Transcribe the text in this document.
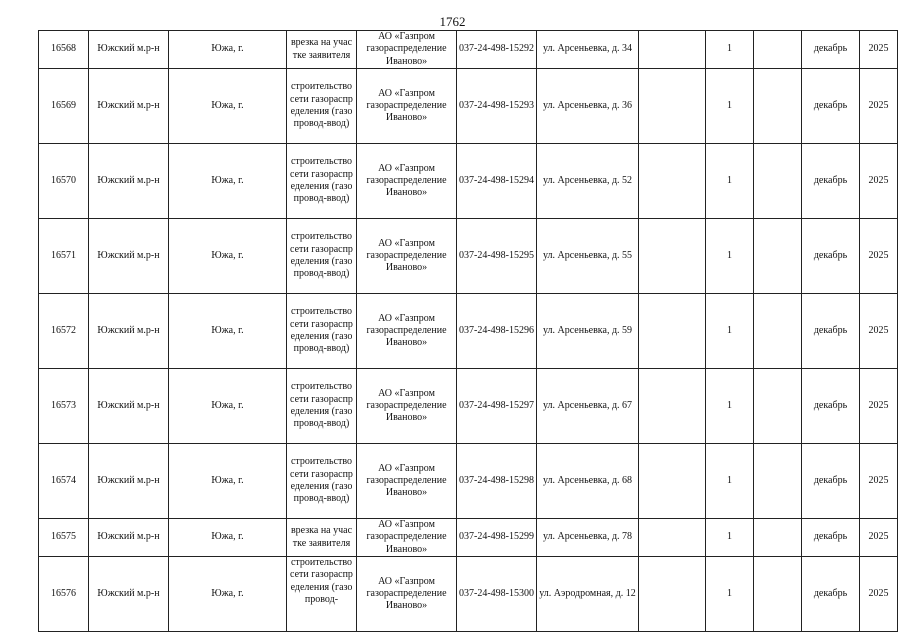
1762
16568	Южский м.р-н	Южа, г.	врезка на участке заявителя	АО «Газпром газораспределение Иваново»	037-24-498-15292	ул. Арсеньевка, д. 34		1		декабрь	2025
16569	Южский м.р-н	Южа, г.	строительство сети газораспределения (газопровод-ввод)	АО «Газпром газораспределение Иваново»	037-24-498-15293	ул. Арсеньевка, д. 36		1		декабрь	2025
16570	Южский м.р-н	Южа, г.	строительство сети газораспределения (газопровод-ввод)	АО «Газпром газораспределение Иваново»	037-24-498-15294	ул. Арсеньевка, д. 52		1		декабрь	2025
16571	Южский м.р-н	Южа, г.	строительство сети газораспределения (газопровод-ввод)	АО «Газпром газораспределение Иваново»	037-24-498-15295	ул. Арсеньевка, д. 55		1		декабрь	2025
16572	Южский м.р-н	Южа, г.	строительство сети газораспределения (газопровод-ввод)	АО «Газпром газораспределение Иваново»	037-24-498-15296	ул. Арсеньевка, д. 59		1		декабрь	2025
16573	Южский м.р-н	Южа, г.	строительство сети газораспределения (газопровод-ввод)	АО «Газпром газораспределение Иваново»	037-24-498-15297	ул. Арсеньевка, д. 67		1		декабрь	2025
16574	Южский м.р-н	Южа, г.	строительство сети газораспределения (газопровод-ввод)	АО «Газпром газораспределение Иваново»	037-24-498-15298	ул. Арсеньевка, д. 68		1		декабрь	2025
16575	Южский м.р-н	Южа, г.	врезка на участке заявителя	АО «Газпром газораспределение Иваново»	037-24-498-15299	ул. Арсеньевка, д. 78		1		декабрь	2025
16576	Южский м.р-н	Южа, г.	строительство сети газораспределения (газопровод-	АО «Газпром газораспределение Иваново»	037-24-498-15300	ул. Аэродромная, д. 12		1		декабрь	2025
